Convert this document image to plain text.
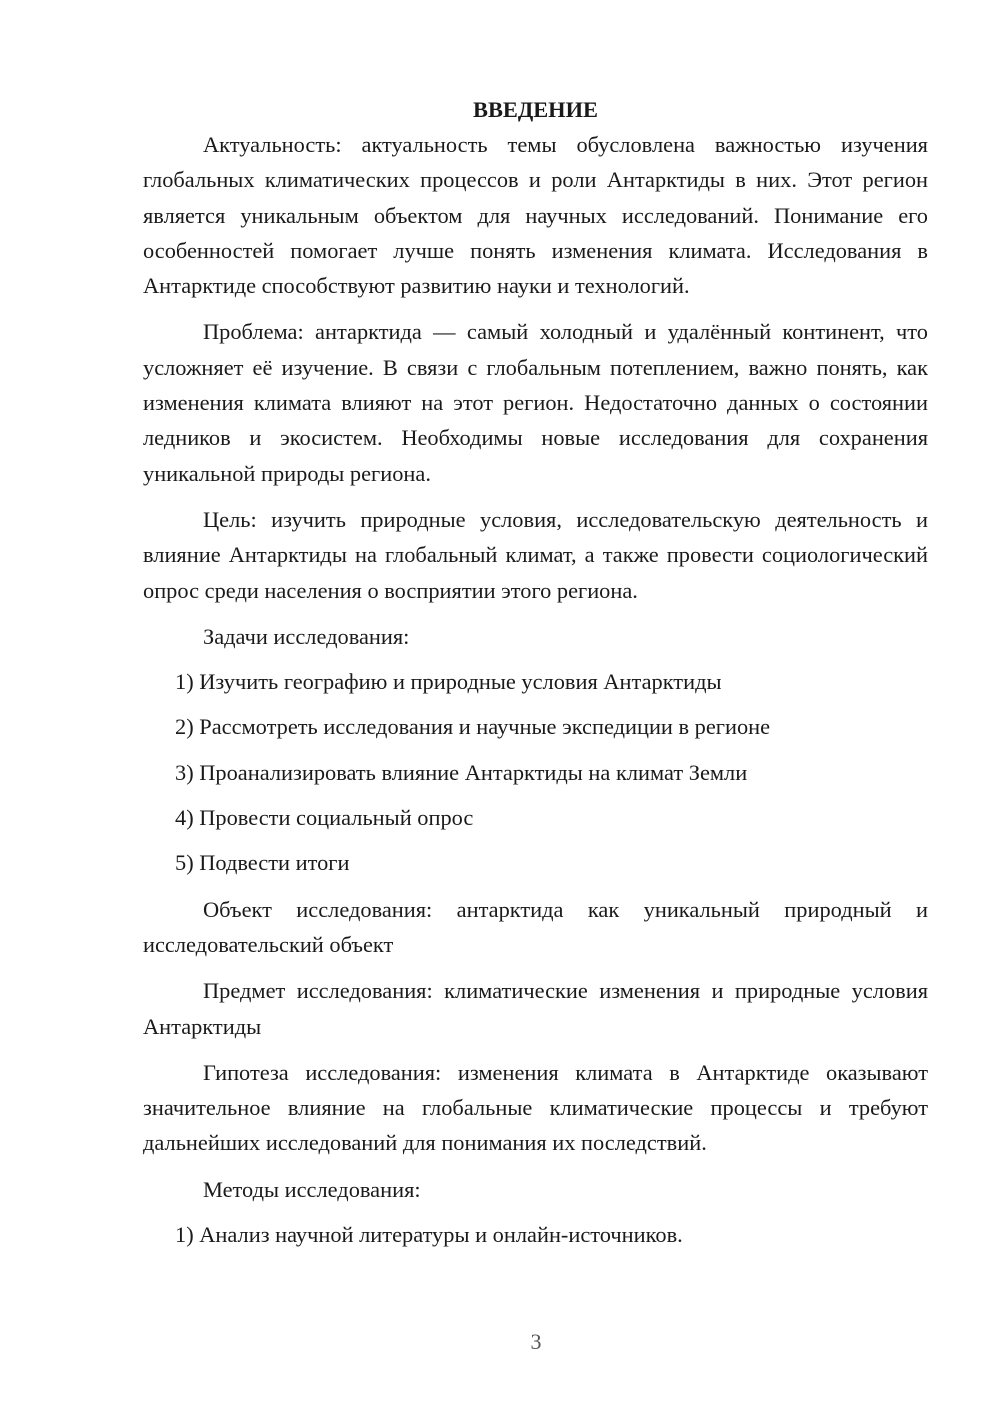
ВВЕДЕНИЕ

Актуальность: актуальность темы обусловлена важностью изучения глобальных климатических процессов и роли Антарктиды в них. Этот регион является уникальным объектом для научных исследований. Понимание его особенностей помогает лучше понять изменения климата. Исследования в Антарктиде способствуют развитию науки и технологий.

Проблема: антарктида — самый холодный и удалённый континент, что усложняет её изучение. В связи с глобальным потеплением, важно понять, как изменения климата влияют на этот регион. Недостаточно данных о состоянии ледников и экосистем. Необходимы новые исследования для сохранения уникальной природы региона.

Цель: изучить природные условия, исследовательскую деятельность и влияние Антарктиды на глобальный климат, а также провести социологический опрос среди населения о восприятии этого региона.

Задачи исследования:

1) Изучить географию и природные условия Антарктиды

2) Рассмотреть исследования и научные экспедиции в регионе

3) Проанализировать влияние Антарктиды на климат Земли

4) Провести социальный опрос

5) Подвести итоги

Объект исследования: антарктида как уникальный природный и исследовательский объект

Предмет исследования: климатические изменения и природные условия Антарктиды

Гипотеза исследования: изменения климата в Антарктиде оказывают значительное влияние на глобальные климатические процессы и требуют дальнейших исследований для понимания их последствий.

Методы исследования:

1) Анализ научной литературы и онлайн-источников.

3
